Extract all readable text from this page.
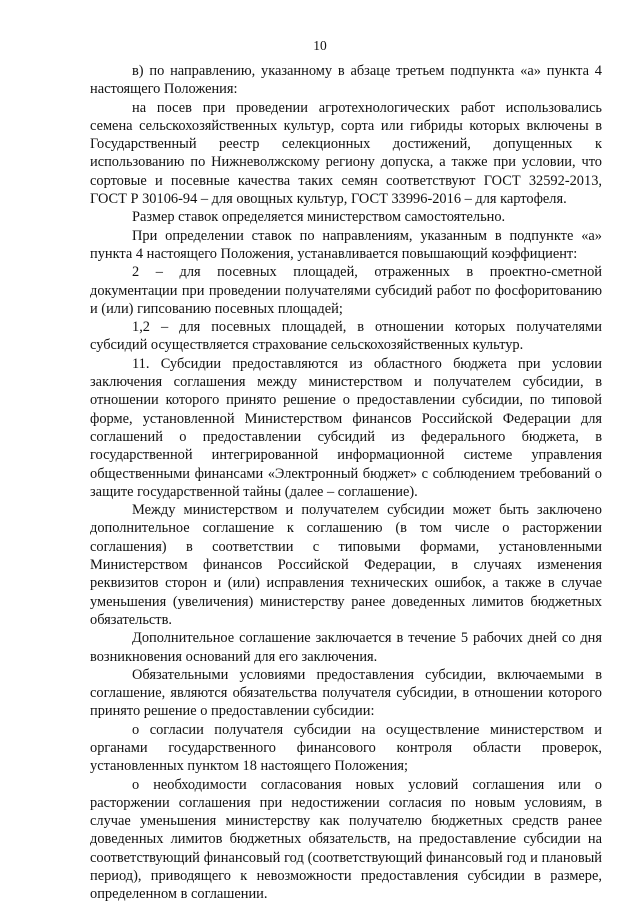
10

в) по направлению, указанному в абзаце третьем подпункта «а» пункта 4 настоящего Положения:

на посев при проведении агротехнологических работ использовались семена сельскохозяйственных культур, сорта или гибриды которых включены в Государственный реестр селекционных достижений, допущенных к использованию по Нижневолжскому региону допуска, а также при условии, что сортовые и посевные качества таких семян соответствуют ГОСТ 32592-2013, ГОСТ Р 30106-94 – для овощных культур, ГОСТ 33996-2016 – для картофеля.

Размер ставок определяется министерством самостоятельно.

При определении ставок по направлениям, указанным в подпункте «а» пункта 4 настоящего Положения, устанавливается повышающий коэффициент:

2 – для посевных площадей, отраженных в проектно-сметной документации при проведении получателями субсидий работ по фосфоритованию и (или) гипсованию посевных площадей;

1,2 – для посевных площадей, в отношении которых получателями субсидий осуществляется страхование сельскохозяйственных культур.

11. Субсидии предоставляются из областного бюджета при условии заключения соглашения между министерством и получателем субсидии, в отношении которого принято решение о предоставлении субсидии, по типовой форме, установленной Министерством финансов Российской Федерации для соглашений о предоставлении субсидий из федерального бюджета, в государственной интегрированной информационной системе управления общественными финансами «Электронный бюджет» с соблюдением требований о защите государственной тайны (далее – соглашение).

Между министерством и получателем субсидии может быть заключено дополнительное соглашение к соглашению (в том числе о расторжении соглашения) в соответствии с типовыми формами, установленными Министерством финансов Российской Федерации, в случаях изменения реквизитов сторон и (или) исправления технических ошибок, а также в случае уменьшения (увеличения) министерству ранее доведенных лимитов бюджетных обязательств.

Дополнительное соглашение заключается в течение 5 рабочих дней со дня возникновения оснований для его заключения.

Обязательными условиями предоставления субсидии, включаемыми в соглашение, являются обязательства получателя субсидии, в отношении которого принято решение о предоставлении субсидии:

о согласии получателя субсидии на осуществление министерством и органами государственного финансового контроля области проверок, установленных пунктом 18 настоящего Положения;

о необходимости согласования новых условий соглашения или о расторжении соглашения при недостижении согласия по новым условиям, в случае уменьшения министерству как получателю бюджетных средств ранее доведенных лимитов бюджетных обязательств, на предоставление субсидии на соответствующий финансовый год (соответствующий финансовый год и плановый период), приводящего к невозможности предоставления субсидии в размере, определенном в соглашении.
